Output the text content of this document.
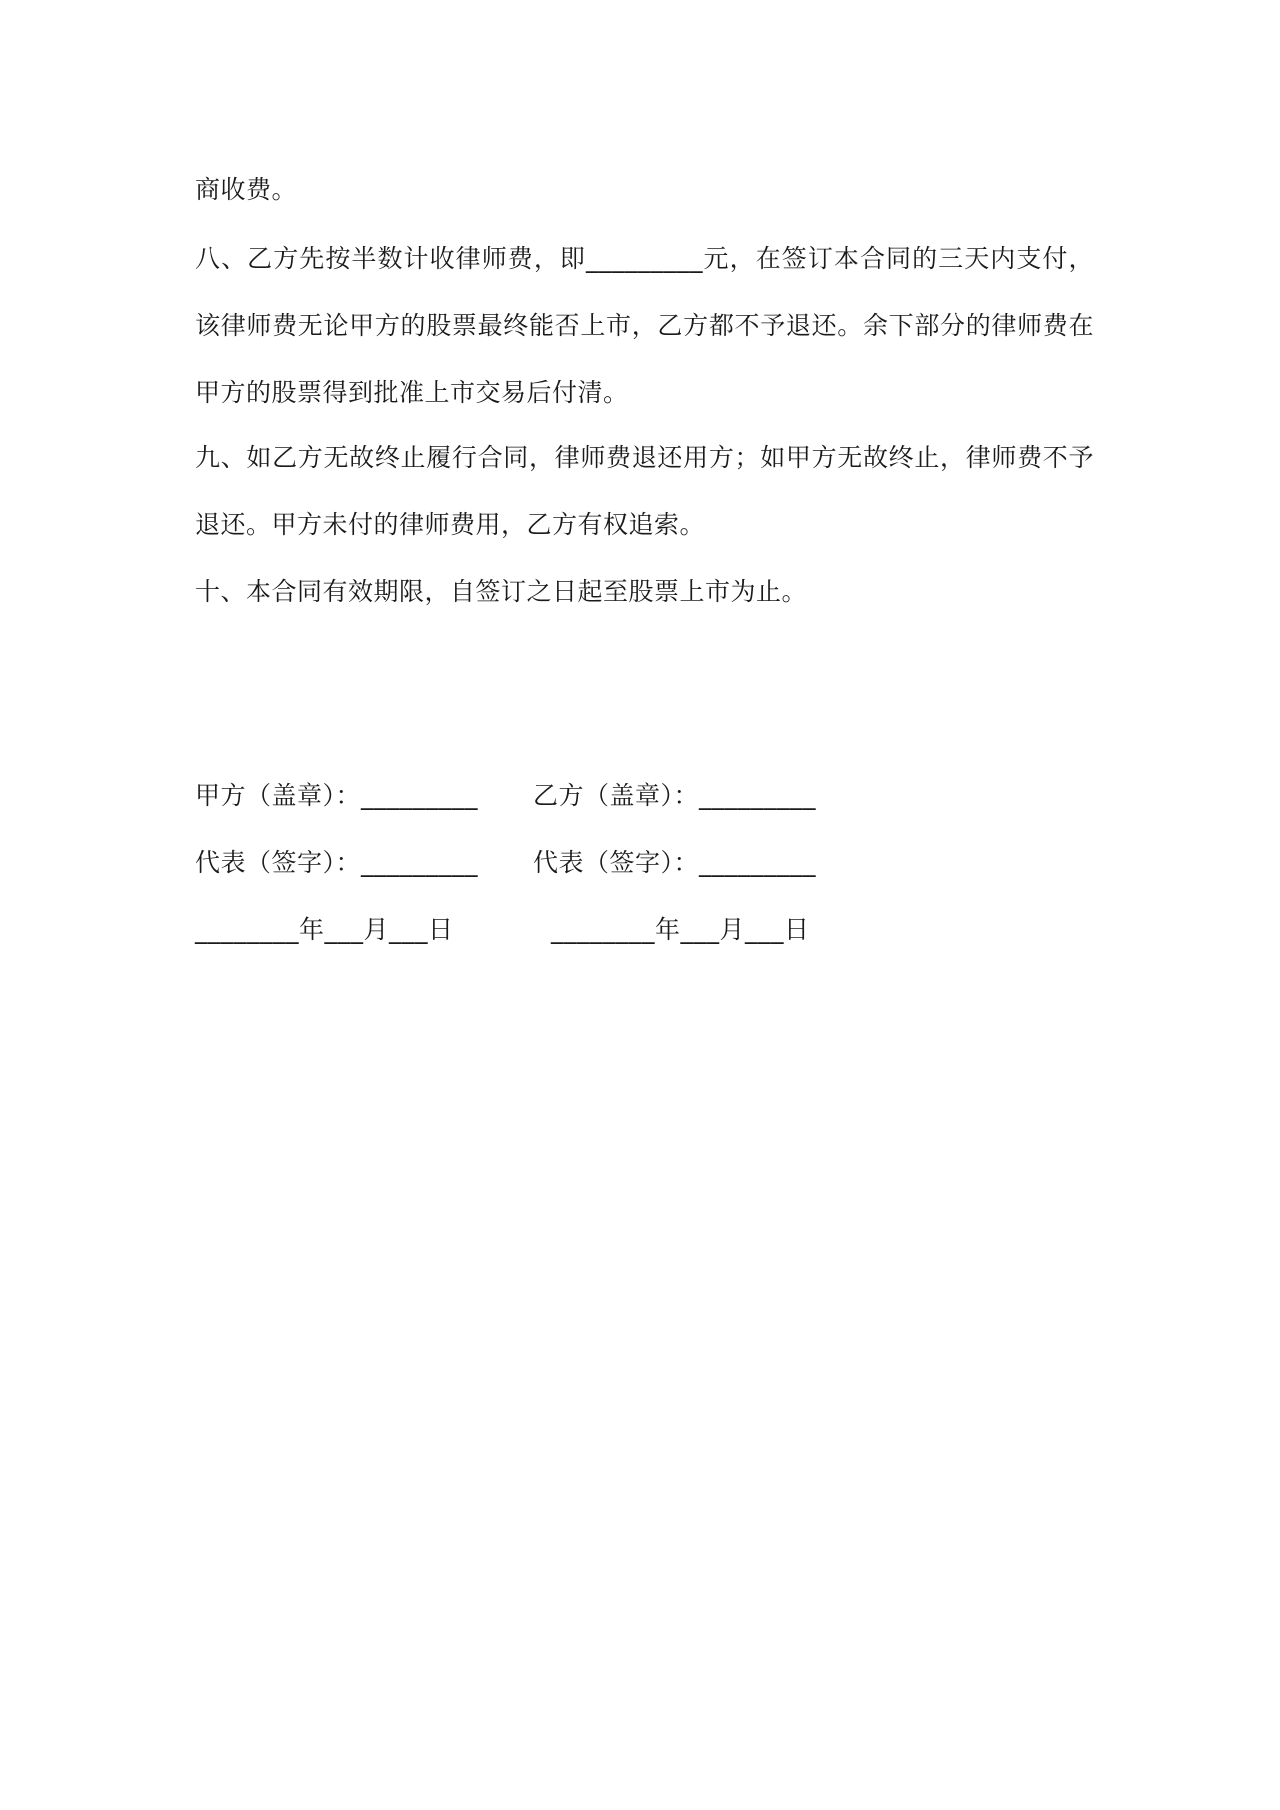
商收费。
八、乙方先按半数计收律师费，即_________元，在签订本合同的三天内支付，
该律师费无论甲方的股票最终能否上市，乙方都不予退还。余下部分的律师费在
甲方的股票得到批准上市交易后付清。
九、如乙方无故终止履行合同，律师费退还用方；如甲方无故终止，律师费不予
退还。甲方未付的律师费用，乙方有权追索。
十、本合同有效期限，自签订之日起至股票上市为止。
甲方（盖章）：_________ 乙方（盖章）：_________
代表（签字）：_________ 代表（签字）：_________
________年___月___日	________年___月___日
